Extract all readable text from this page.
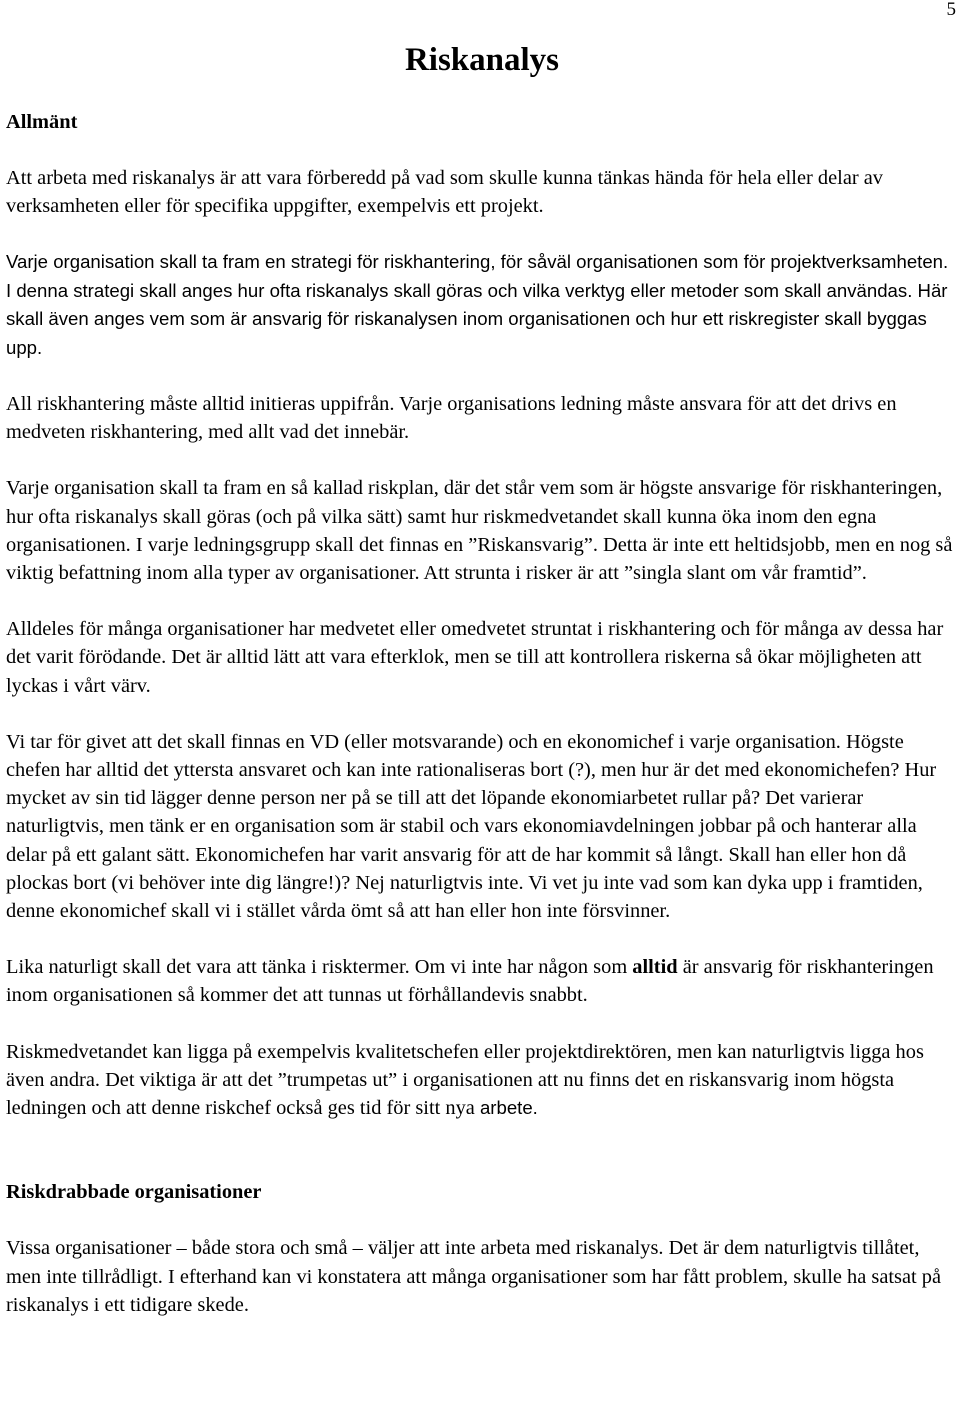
5
Riskanalys

Allmänt

Att arbeta med riskanalys är att vara förberedd på vad som skulle kunna tänkas hända för hela eller delar av verksamheten eller för specifika uppgifter, exempelvis ett projekt.

Varje organisation skall ta fram en strategi för riskhantering, för såväl organisationen som för projektverksamheten. I denna strategi skall anges hur ofta riskanalys skall göras och vilka verktyg eller metoder som skall användas. Här skall även anges vem som är ansvarig för riskanalysen inom organisationen och hur ett riskregister skall byggas upp.

All riskhantering måste alltid initieras uppifrån. Varje organisations ledning måste ansvara för att det drivs en medveten riskhantering, med allt vad det innebär.

Varje organisation skall ta fram en så kallad riskplan, där det står vem som är högste ansvarige för riskhanteringen, hur ofta riskanalys skall göras (och på vilka sätt) samt hur riskmedvetandet skall kunna öka inom den egna organisationen. I varje ledningsgrupp skall det finnas en ”Riskansvarig”. Detta är inte ett heltidsjobb, men en nog så viktig befattning inom alla typer av organisationer. Att strunta i risker är att ”singla slant om vår framtid”.

Alldeles för många organisationer har medvetet eller omedvetet struntat i riskhantering och för många av dessa har det varit förödande. Det är alltid lätt att vara efterklok, men se till att kontrollera riskerna så ökar möjligheten att lyckas i vårt värv.

Vi tar för givet att det skall finnas en VD (eller motsvarande) och en ekonomichef i varje organisation. Högste chefen har alltid det yttersta ansvaret och kan inte rationaliseras bort (?), men hur är det med ekonomichefen? Hur mycket av sin tid lägger denne person ner på se till att det löpande ekonomiarbetet rullar på? Det varierar naturligtvis, men tänk er en organisation som är stabil och vars ekonomiavdelningen jobbar på och hanterar alla delar på ett galant sätt. Ekonomichefen har varit ansvarig för att de har kommit så långt. Skall han eller hon då plockas bort (vi behöver inte dig längre!)? Nej naturligtvis inte. Vi vet ju inte vad som kan dyka upp i framtiden, denne ekonomichef skall vi i stället vårda ömt så att han eller hon inte försvinner.

Lika naturligt skall det vara att tänka i risktermer. Om vi inte har någon som alltid är ansvarig för riskhanteringen inom organisationen så kommer det att tunnas ut förhållandevis snabbt.

Riskmedvetandet kan ligga på exempelvis kvalitetschefen eller projektdirektören, men kan naturligtvis ligga hos även andra. Det viktiga är att det ”trumpetas ut” i organisationen att nu finns det en riskansvarig inom högsta ledningen och att denne riskchef också ges tid för sitt nya arbete.

Riskdrabbade organisationer

Vissa organisationer – både stora och små – väljer att inte arbeta med riskanalys. Det är dem naturligtvis tillåtet, men inte tillrådligt. I efterhand kan vi konstatera att många organisationer som har fått problem, skulle ha satsat på riskanalys i ett tidigare skede.
